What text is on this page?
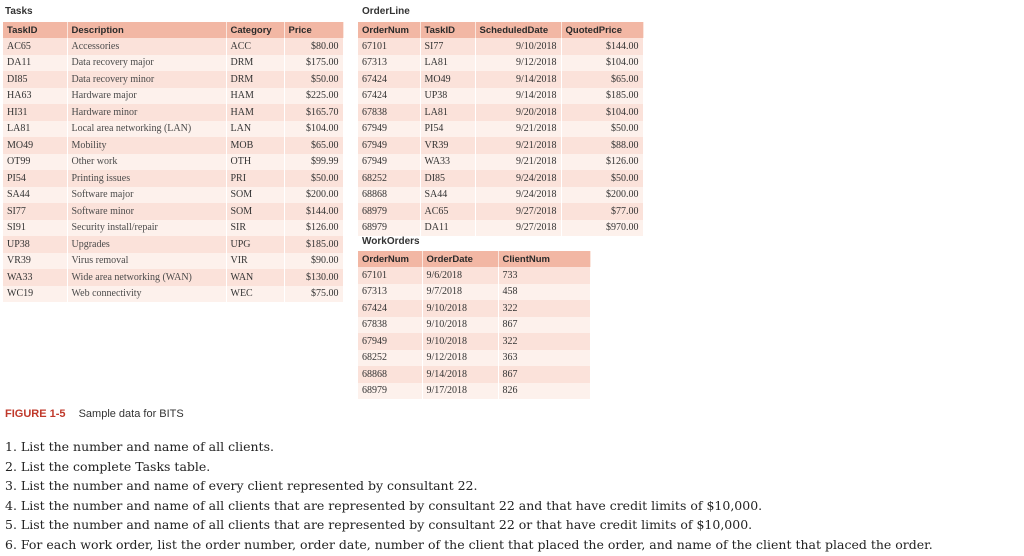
Tasks
TaskID	Description	Category	Price
AC65	Accessories	ACC	$80.00
DA11	Data recovery major	DRM	$175.00
DI85	Data recovery minor	DRM	$50.00
HA63	Hardware major	HAM	$225.00
HI31	Hardware minor	HAM	$165.70
LA81	Local area networking (LAN)	LAN	$104.00
MO49	Mobility	MOB	$65.00
OT99	Other work	OTH	$99.99
PI54	Printing issues	PRI	$50.00
SA44	Software major	SOM	$200.00
SI77	Software minor	SOM	$144.00
SI91	Security install/repair	SIR	$126.00
UP38	Upgrades	UPG	$185.00
VR39	Virus removal	VIR	$90.00
WA33	Wide area networking (WAN)	WAN	$130.00
WC19	Web connectivity	WEC	$75.00
OrderLine
OrderNum	TaskID	ScheduledDate	QuotedPrice
67101	SI77	9/10/2018	$144.00
67313	LA81	9/12/2018	$104.00
67424	MO49	9/14/2018	$65.00
67424	UP38	9/14/2018	$185.00
67838	LA81	9/20/2018	$104.00
67949	PI54	9/21/2018	$50.00
67949	VR39	9/21/2018	$88.00
67949	WA33	9/21/2018	$126.00
68252	DI85	9/24/2018	$50.00
68868	SA44	9/24/2018	$200.00
68979	AC65	9/27/2018	$77.00
68979	DA11	9/27/2018	$970.00
WorkOrders
OrderNum	OrderDate	ClientNum
67101	9/6/2018	733
67313	9/7/2018	458
67424	9/10/2018	322
67838	9/10/2018	867
67949	9/10/2018	322
68252	9/12/2018	363
68868	9/14/2018	867
68979	9/17/2018	826
FIGURE 1-5 Sample data for BITS
1. List the number and name of all clients.
2. List the complete Tasks table.
3. List the number and name of every client represented by consultant 22.
4. List the number and name of all clients that are represented by consultant 22 and that have credit limits of $10,000.
5. List the number and name of all clients that are represented by consultant 22 or that have credit limits of $10,000.
6. For each work order, list the order number, order date, number of the client that placed the order, and name of the client that placed the order.
